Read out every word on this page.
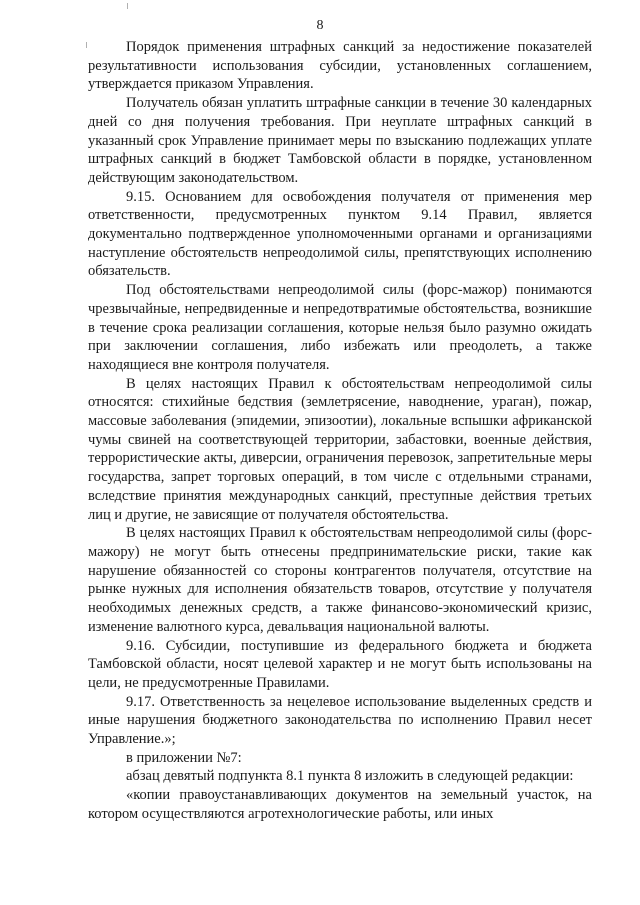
8

Порядок применения штрафных санкций за недостижение показателей результативности использования субсидии, установленных соглашением, утверждается приказом Управления.

Получатель обязан уплатить штрафные санкции в течение 30 календарных дней со дня получения требования. При неуплате штрафных санкций в указанный срок Управление принимает меры по взысканию подлежащих уплате штрафных санкций в бюджет Тамбовской области в порядке, установленном действующим законодательством.

9.15. Основанием для освобождения получателя от применения мер ответственности, предусмотренных пунктом 9.14 Правил, является документально подтвержденное уполномоченными органами и организациями наступление обстоятельств непреодолимой силы, препятствующих исполнению обязательств.

Под обстоятельствами непреодолимой силы (форс-мажор) понимаются чрезвычайные, непредвиденные и непредотвратимые обстоятельства, возникшие в течение срока реализации соглашения, которые нельзя было разумно ожидать при заключении соглашения, либо избежать или преодолеть, а также находящиеся вне контроля получателя.

В целях настоящих Правил к обстоятельствам непреодолимой силы относятся: стихийные бедствия (землетрясение, наводнение, ураган), пожар, массовые заболевания (эпидемии, эпизоотии), локальные вспышки африканской чумы свиней на соответствующей территории, забастовки, военные действия, террористические акты, диверсии, ограничения перевозок, запретительные меры государства, запрет торговых операций, в том числе с отдельными странами, вследствие принятия международных санкций, преступные действия третьих лиц и другие, не зависящие от получателя обстоятельства.

В целях настоящих Правил к обстоятельствам непреодолимой силы (форс-мажору) не могут быть отнесены предпринимательские риски, такие как нарушение обязанностей со стороны контрагентов получателя, отсутствие на рынке нужных для исполнения обязательств товаров, отсутствие у получателя необходимых денежных средств, а также финансово-экономический кризис, изменение валютного курса, девальвация национальной валюты.

9.16. Субсидии, поступившие из федерального бюджета и бюджета Тамбовской области, носят целевой характер и не могут быть использованы на цели, не предусмотренные Правилами.

9.17. Ответственность за нецелевое использование выделенных средств и иные нарушения бюджетного законодательства по исполнению Правил несет Управление.»;

в приложении №7:

абзац девятый подпункта 8.1 пункта 8 изложить в следующей редакции:

«копии правоустанавливающих документов на земельный участок, на котором осуществляются агротехнологические работы, или иных
